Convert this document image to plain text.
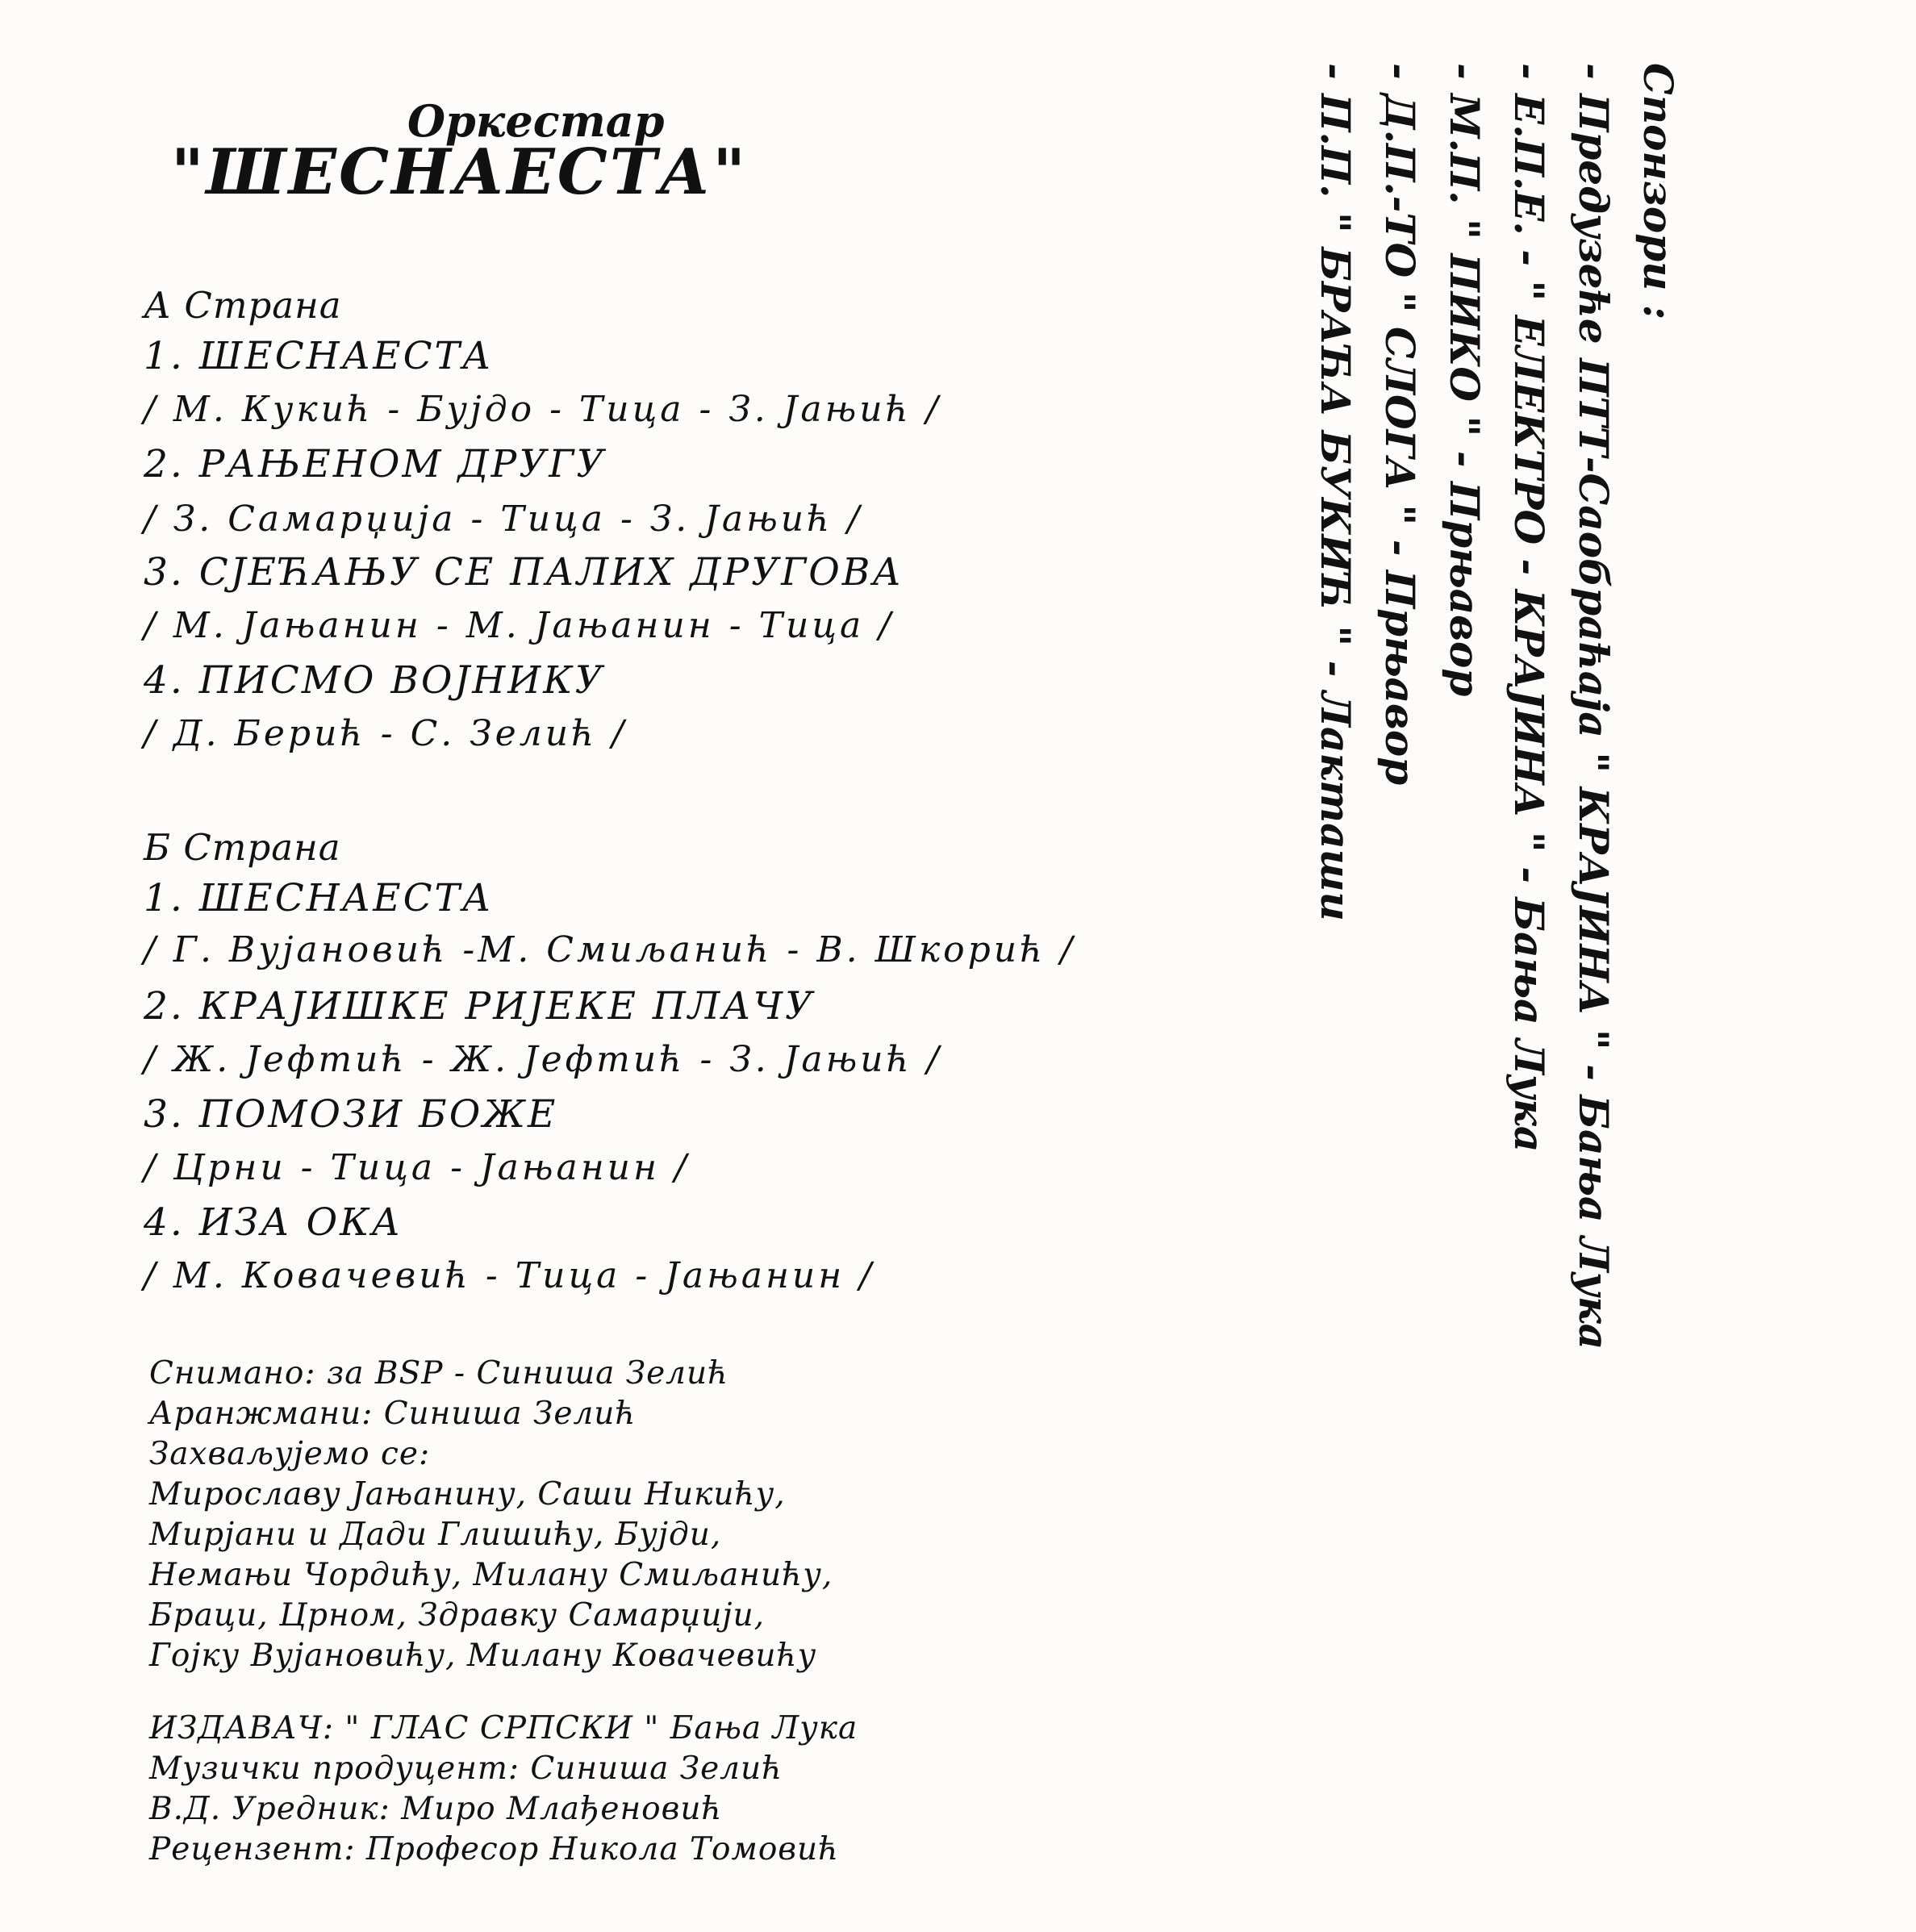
Оркестар
"ШЕСНАЕСТА"
А Страна
1. ШЕСНАЕСТА
/ М. Кукић - Бујдо - Тица - З. Јањић /
2. РАЊЕНОМ ДРУГУ
/ З. Самарџија - Тица - З. Јањић /
3. СЈЕЋАЊУ СЕ ПАЛИХ ДРУГОВА
/ М. Јањанин - М. Јањанин - Тица /
4. ПИСМО ВОЈНИКУ
/ Д. Берић - С. Зелић /
Б Страна
1. ШЕСНАЕСТА
/ Г. Вујановић -М. Смиљанић - В. Шкорић /
2. КРАЈИШКЕ РИЈЕКЕ ПЛАЧУ
/ Ж. Јефтић - Ж. Јефтић - З. Јањић /
3. ПОМОЗИ БОЖЕ
/ Црни - Тица - Јањанин /
4. ИЗА ОКА
/ М. Ковачевић - Тица - Јањанин /
Снимано: за BSP - Синиша Зелић
Аранжмани: Синиша Зелић
Захваљујемо се:
Мирославу Јањанину, Саши Никићу,
Мирјани и Дади Глишићу, Бујди,
Немањи Чордићу, Милану Смиљанићу,
Браци, Црном, Здравку Самарџији,
Гојку Вујановићу, Милану Ковачевићу
ИЗДАВАЧ: " ГЛАС СРПСКИ " Бања Лука
Музички продуцент: Синиша Зелић
В.Д. Уредник: Миро Млађеновић
Рецензент: Професор Никола Томовић
Спонзори :
- Предузеће ПТТ-Саобраћаја " КРАЈИНА " - Бања Лука
- Е.П.Е. - " ЕЛЕКТРО - КРАЈИНА " - Бања Лука
- М.П. " ПИКО " - Прњавор
- Д.П.-ТО " СЛОГА " - Прњавор
- П.П. " БРАЋА БУКИЋ " - Лакташи
